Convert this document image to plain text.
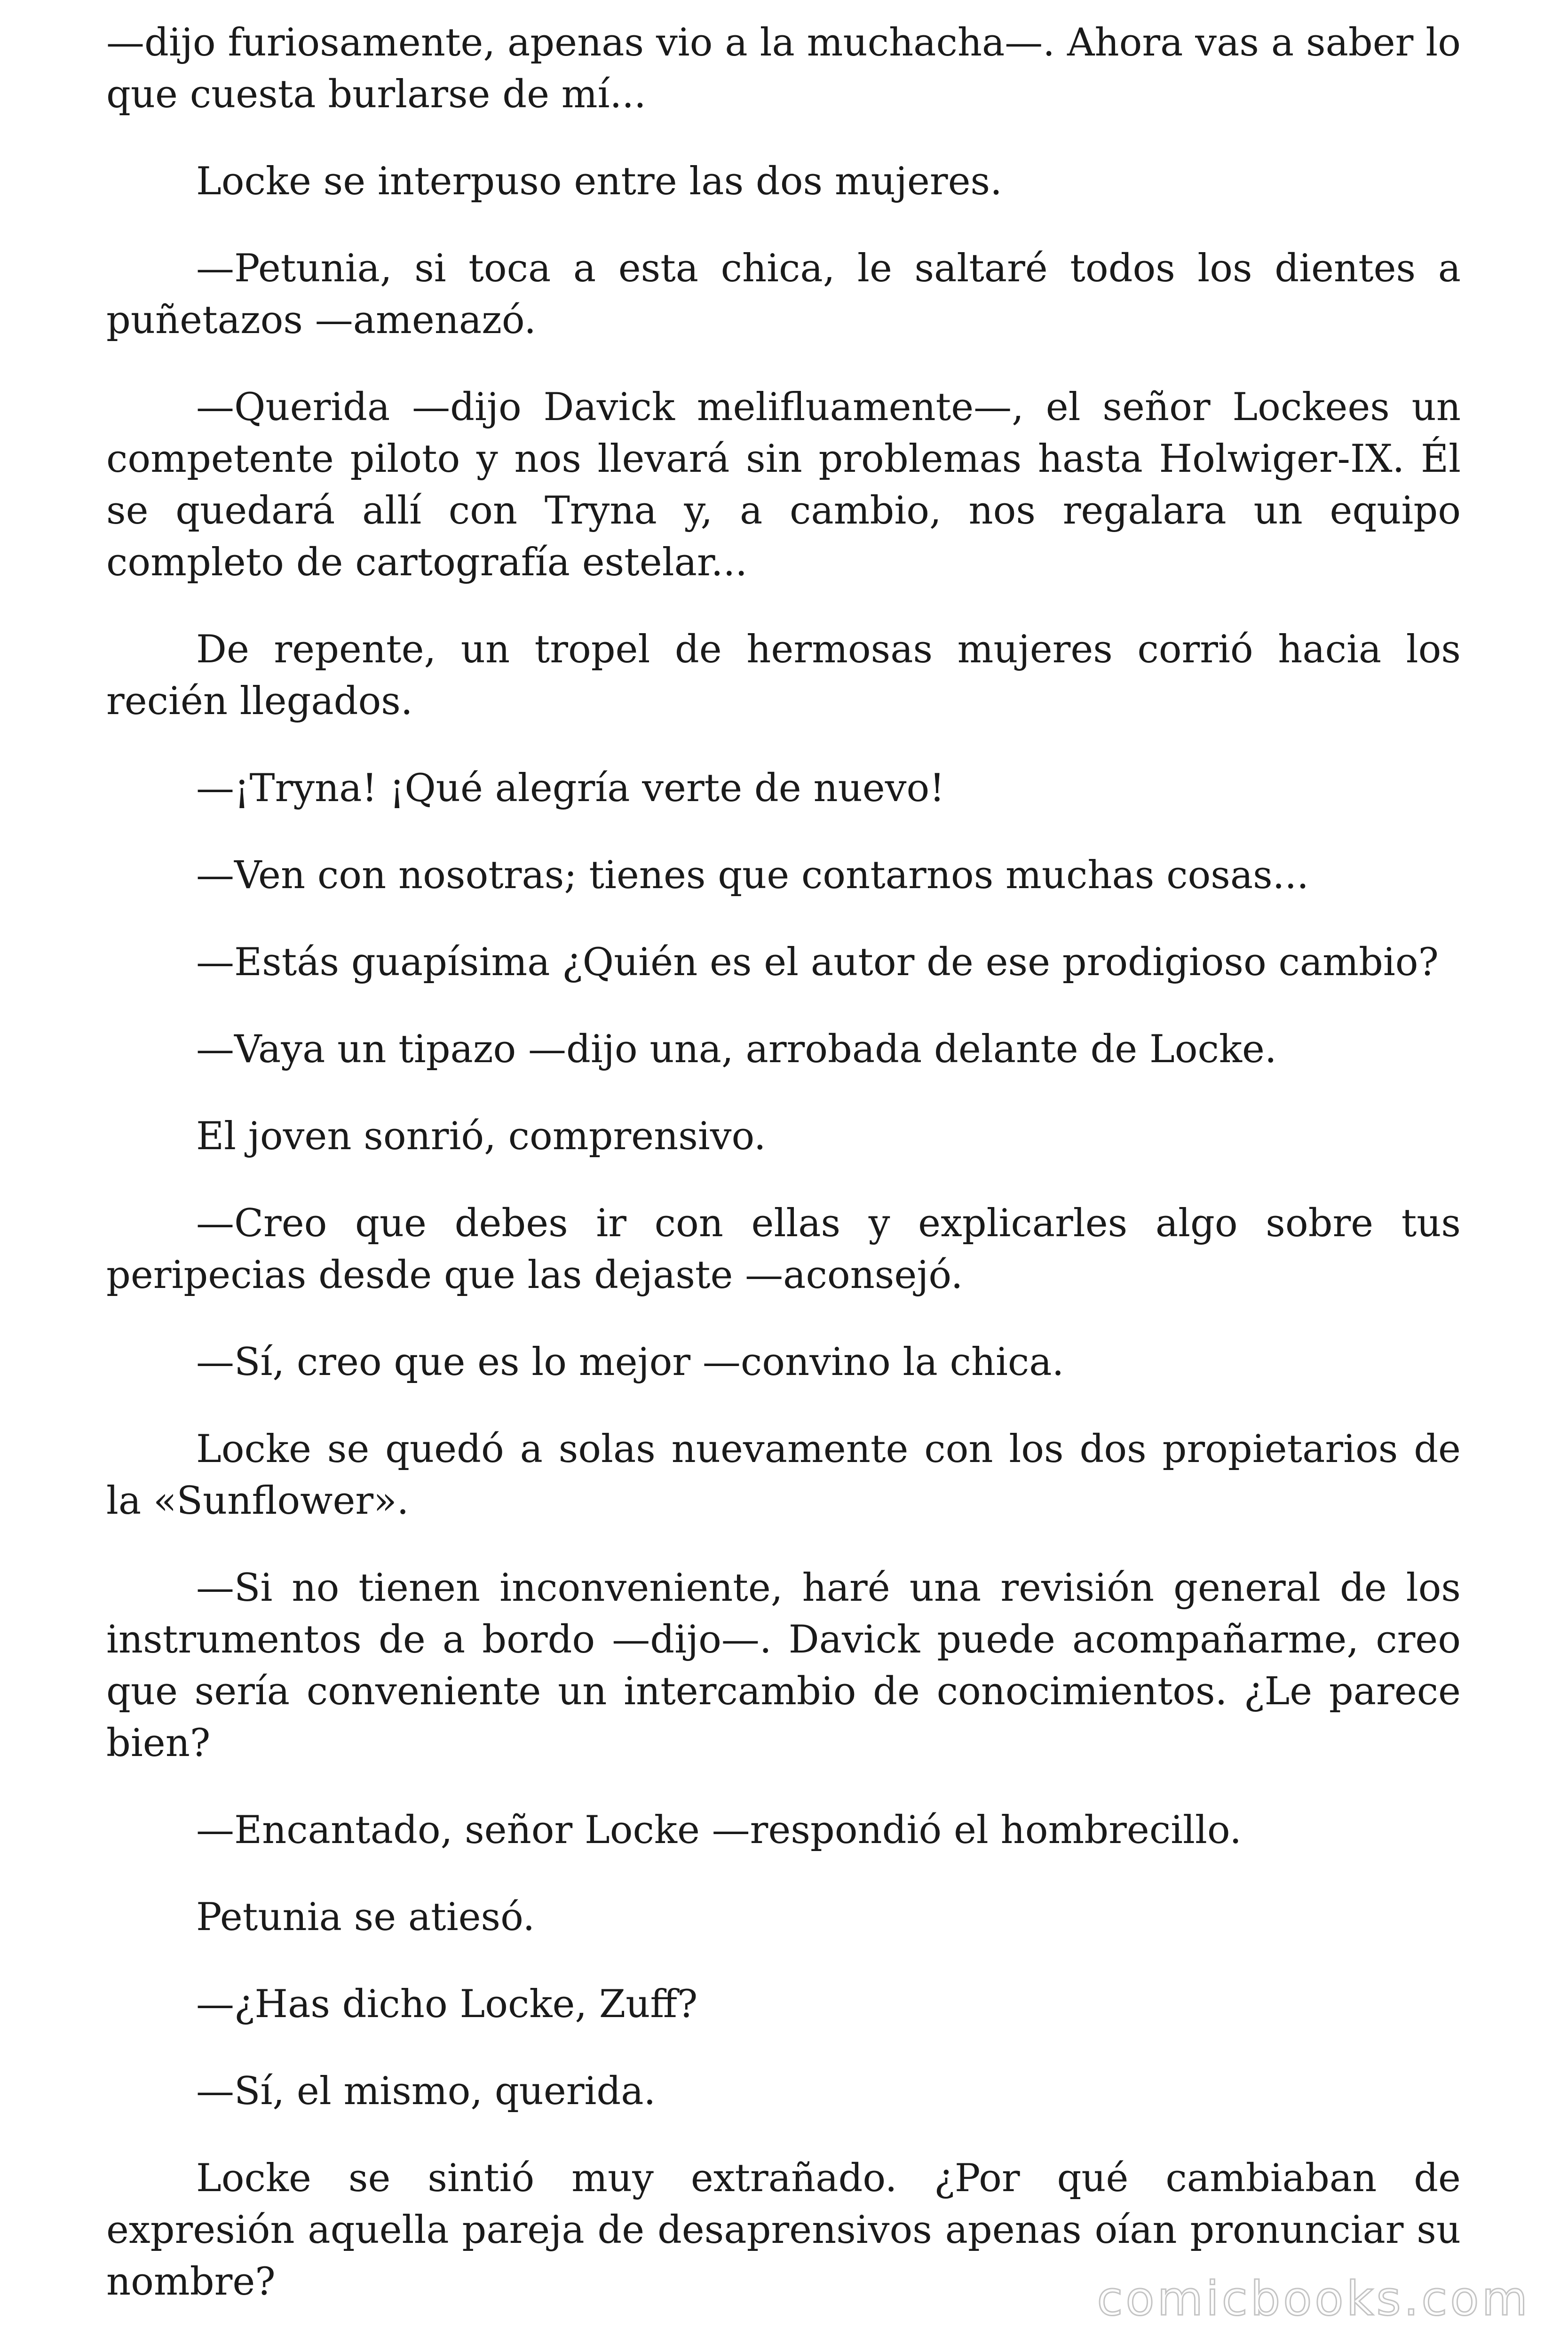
—dijo furiosamente, apenas vio a la muchacha—. Ahora vas a saber lo que cuesta burlarse de mí...

Locke se interpuso entre las dos mujeres.

—Petunia, si toca a esta chica, le saltaré todos los dientes a puñetazos —amenazó.

—Querida —dijo Davick melifluamente—, el señor Lockees un competente piloto y nos llevará sin problemas hasta Holwiger-IX. Él se quedará allí con Tryna y, a cambio, nos regalara un equipo completo de cartografía estelar...

De repente, un tropel de hermosas mujeres corrió hacia los recién llegados.

—¡Tryna! ¡Qué alegría verte de nuevo!

—Ven con nosotras; tienes que contarnos muchas cosas...

—Estás guapísima ¿Quién es el autor de ese prodigioso cambio?

—Vaya un tipazo —dijo una, arrobada delante de Locke.

El joven sonrió, comprensivo.

—Creo que debes ir con ellas y explicarles algo sobre tus peripecias desde que las dejaste —aconsejó.

—Sí, creo que es lo mejor —convino la chica.

Locke se quedó a solas nuevamente con los dos propietarios de la «Sunflower».

—Si no tienen inconveniente, haré una revisión general de los instrumentos de a bordo —dijo—. Davick puede acompañarme, creo que sería conveniente un intercambio de conocimientos. ¿Le parece bien?

—Encantado, señor Locke —respondió el hombrecillo.

Petunia se atiesó.

—¿Has dicho Locke, Zuff?

—Sí, el mismo, querida.

Locke se sintió muy extrañado. ¿Por qué cambiaban de expresión aquella pareja de desaprensivos apenas oían pronunciar su nombre?	comicbooks.com
